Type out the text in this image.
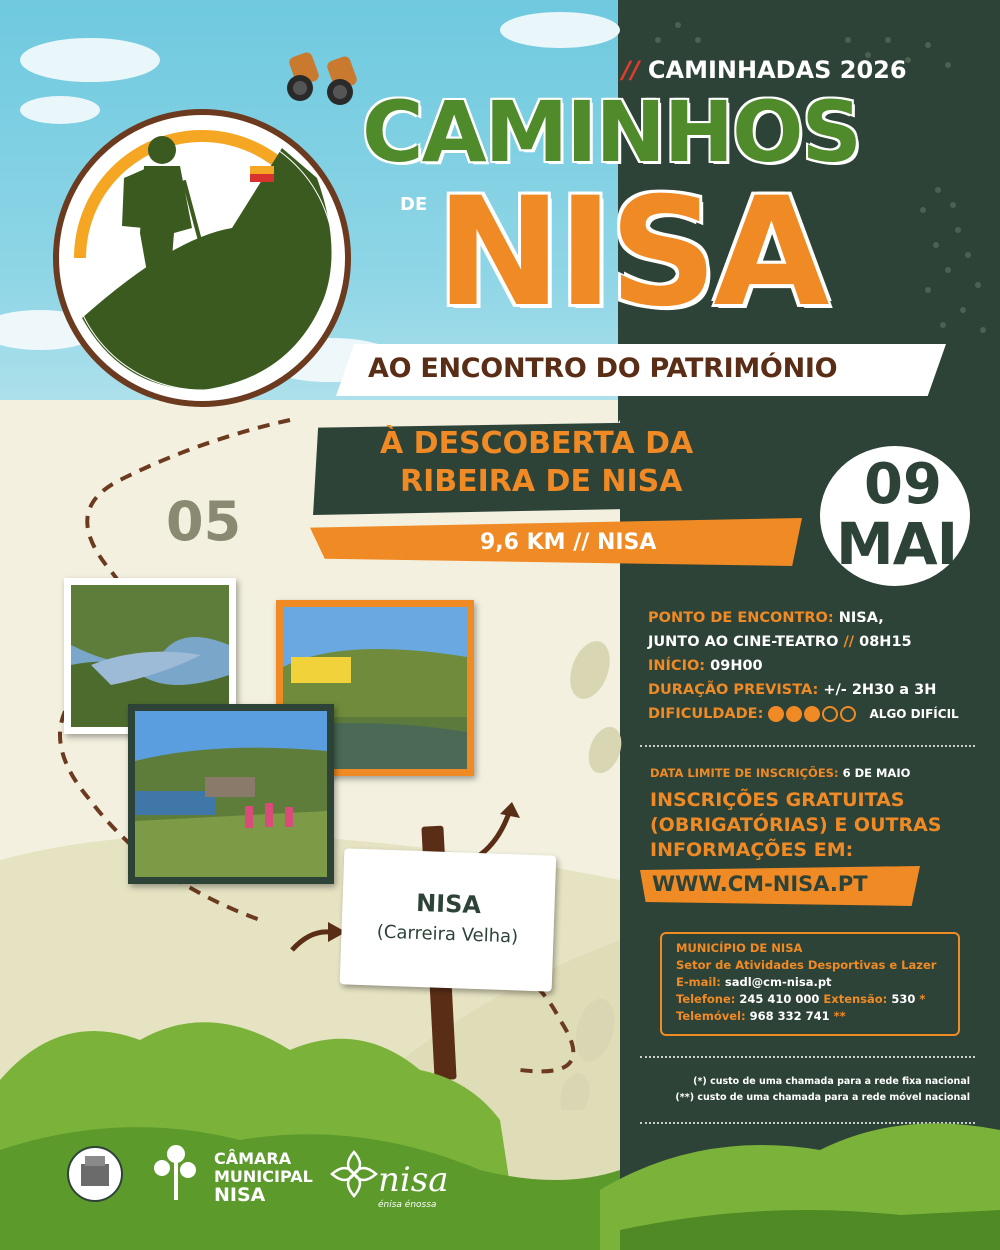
// CAMINHADAS 2026
CAMINHOS
DE NISA
AO ENCONTRO DO PATRIMÓNIO
À DESCOBERTA DA
RIBEIRA DE NISA
9,6 KM // NISA
05
09
MAI
PONTO DE ENCONTRO: NISA,
JUNTO AO CINE-TEATRO // 08H15
INÍCIO: 09H00
DURAÇÃO PREVISTA: +/- 2H30 a 3H
DIFICULDADE:	ALGO DIFÍCIL
DATA LIMITE DE INSCRIÇÕES: 6 DE MAIO
INSCRIÇÕES GRATUITAS
(OBRIGATÓRIAS) E OUTRAS
INFORMAÇÕES EM:
WWW.CM-NISA.PT
MUNICÍPIO DE NISA
Setor de Atividades Desportivas e Lazer
E-mail: sadl@cm-nisa.pt
Telefone: 245 410 000 Extensão: 530 *
Telemóvel: 968 332 741 **
(*) custo de uma chamada para a rede fixa nacional
(**) custo de uma chamada para a rede móvel nacional
NISA
(Carreira Velha)
CÂMARA
MUNICIPAL
NISA	nisa
énisa énossa
